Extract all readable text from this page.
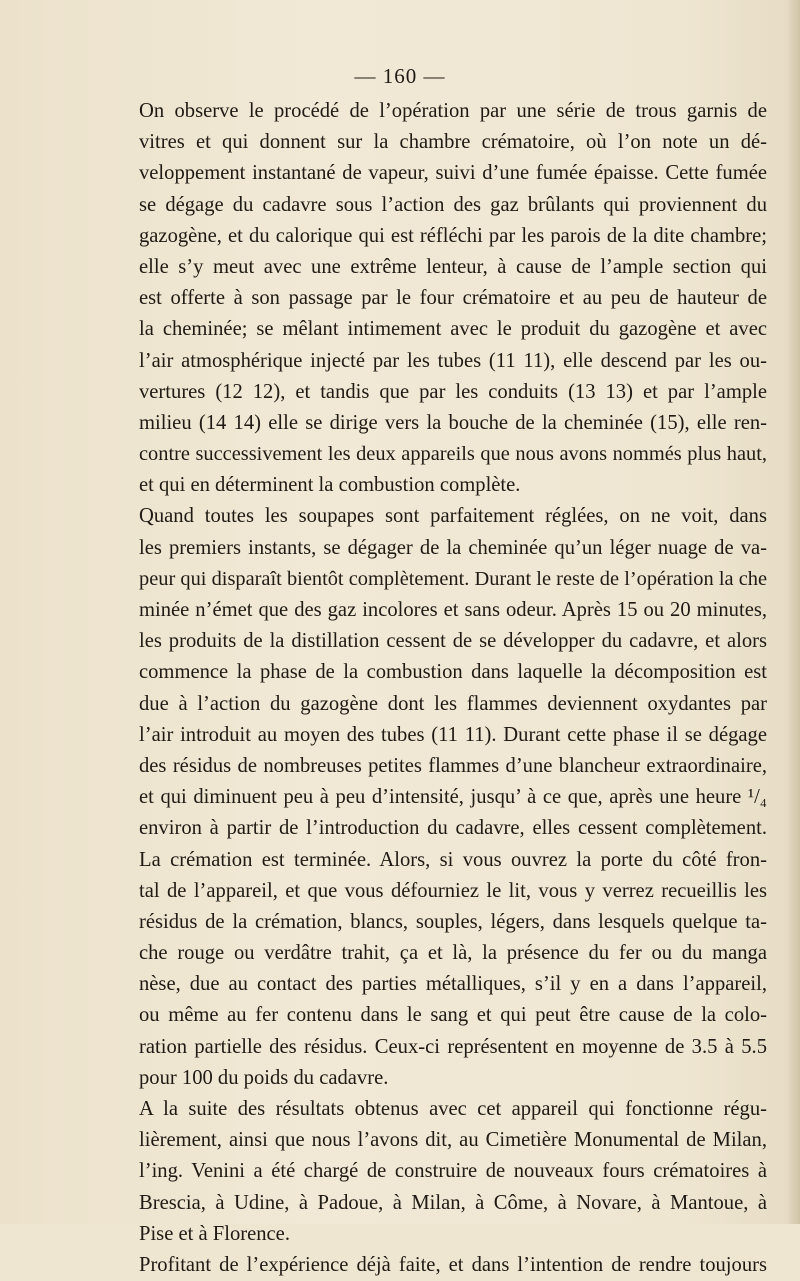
— 160 —
On observe le procédé de l’opération par une série de trous garnis de
vitres et qui donnent sur la chambre crématoire, où l’on note un dé-
veloppement instantané de vapeur, suivi d’une fumée épaisse. Cette fumée
se dégage du cadavre sous l’action des gaz brûlants qui proviennent du
gazogène, et du calorique qui est réfléchi par les parois de la dite chambre;
elle s’y meut avec une extrême lenteur, à cause de l’ample section qui
est offerte à son passage par le four crématoire et au peu de hauteur de
la cheminée; se mêlant intimement avec le produit du gazogène et avec
l’air atmosphérique injecté par les tubes (11 11), elle descend par les ou-
vertures (12 12), et tandis que par les conduits (13 13) et par l’ample
milieu (14 14) elle se dirige vers la bouche de la cheminée (15), elle ren-
contre successivement les deux appareils que nous avons nommés plus haut,
et qui en déterminent la combustion complète.
Quand toutes les soupapes sont parfaitement réglées, on ne voit, dans
les premiers instants, se dégager de la cheminée qu’un léger nuage de va-
peur qui disparaît bientôt complètement. Durant le reste de l’opération la che
minée n’émet que des gaz incolores et sans odeur. Après 15 ou 20 minutes,
les produits de la distillation cessent de se développer du cadavre, et alors
commence la phase de la combustion dans laquelle la décomposition est
due à l’action du gazogène dont les flammes deviennent oxydantes par
l’air introduit au moyen des tubes (11 11). Durant cette phase il se dégage
des résidus de nombreuses petites flammes d’une blancheur extraordinaire,
et qui diminuent peu à peu d’intensité, jusqu’ à ce que, après une heure ¹/₄
environ à partir de l’introduction du cadavre, elles cessent complètement.
La crémation est terminée. Alors, si vous ouvrez la porte du côté fron-
tal de l’appareil, et que vous défourniez le lit, vous y verrez recueillis les
résidus de la crémation, blancs, souples, légers, dans lesquels quelque ta-
che rouge ou verdâtre trahit, ça et là, la présence du fer ou du manga
nèse, due au contact des parties métalliques, s’il y en a dans l’appareil,
ou même au fer contenu dans le sang et qui peut être cause de la colo-
ration partielle des résidus. Ceux-ci représentent en moyenne de 3.5 à 5.5
pour 100 du poids du cadavre.
A la suite des résultats obtenus avec cet appareil qui fonctionne régu-
lièrement, ainsi que nous l’avons dit, au Cimetière Monumental de Milan,
l’ing. Venini a été chargé de construire de nouveaux fours crématoires à
Brescia, à Udine, à Padoue, à Milan, à Côme, à Novare, à Mantoue, à
Pise et à Florence.
Profitant de l’expérience déjà faite, et dans l’intention de rendre toujours
